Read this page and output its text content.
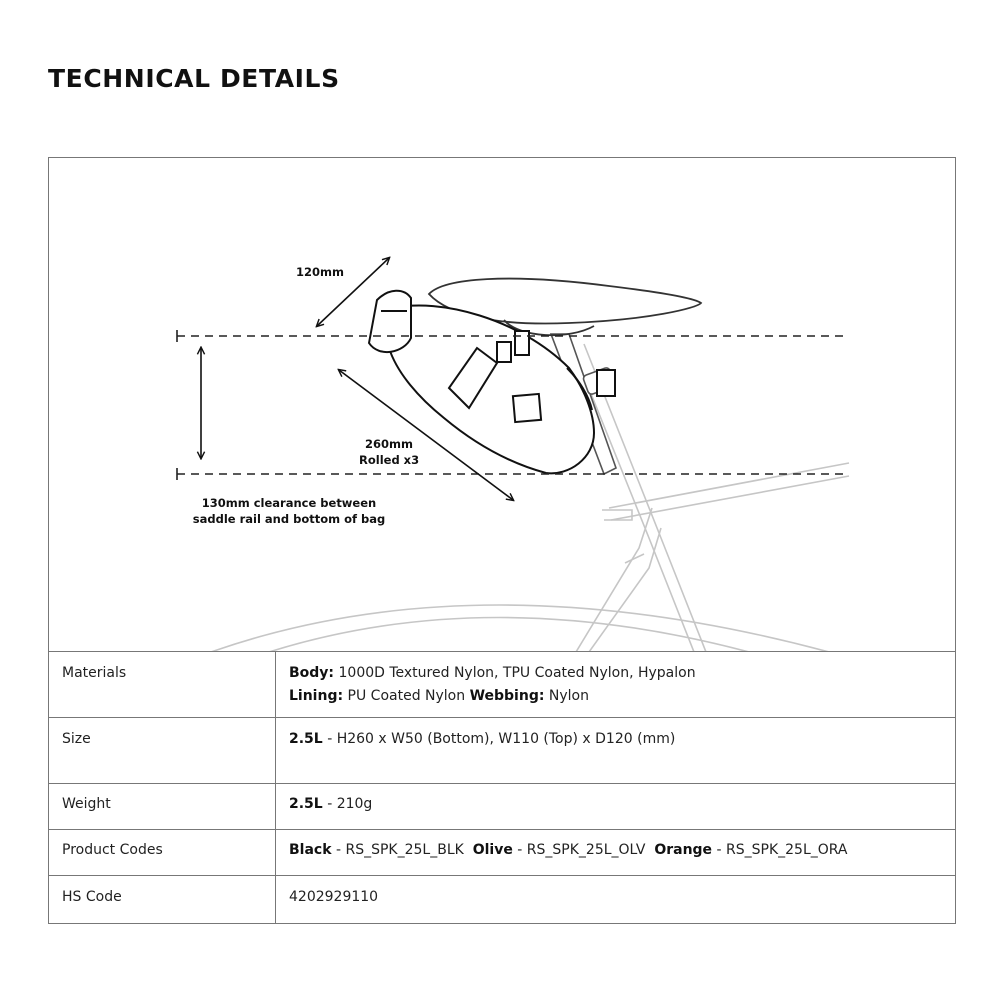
TECHNICAL DETAILS
120mm
260mm
Rolled x3
130mm clearance between
saddle rail and bottom of bag
Materials	Body: 1000D Textured Nylon, TPU Coated Nylon, Hypalon
Lining: PU Coated Nylon Webbing: Nylon

Size	2.5L - H260 x W50 (Bottom), W110 (Top) x D120 (mm)

Weight	2.5L - 210g

Product Codes	Black - RS_SPK_25L_BLK Olive - RS_SPK_25L_OLV Orange - RS_SPK_25L_ORA

HS Code	4202929110
